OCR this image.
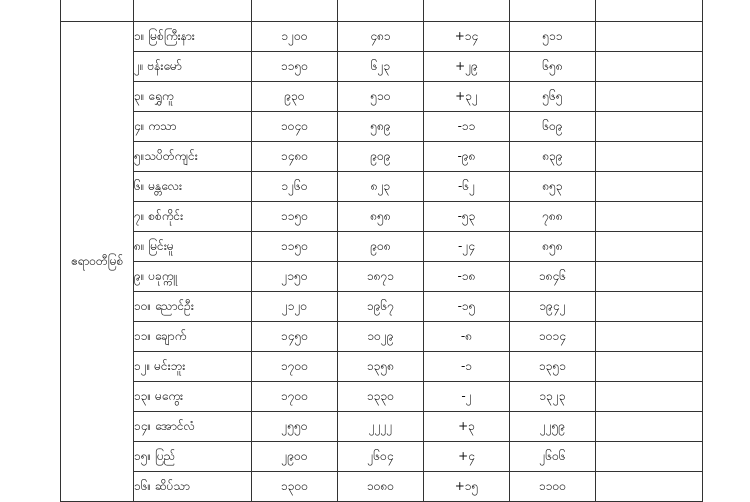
ဧရာဝတီမြစ်	၁။ မြစ်ကြီးနား	၁၂၀၀	၄၈၁	+၁၄	၅၁၁	
	၂။ ဗန်းမော်	၁၁၅၀	၆၂၃	+၂၉	၆၅၈	
	၃။ ရွှေကူ	၉၃၀	၅၁၀	+၃၂	၅၆၅	
	၄။ ကသာ	၁၀၄၀	၅၈၉	-၁၁	၆၀၉	
	၅။သပိတ်ကျင်း	၁၄၈၀	၉၀၉	-၉၈	၈၃၉	
	၆။ မန္တလေး	၁၂၆၀	၈၂၃	-၆၂	၈၅၃	
	၇။ စစ်ကိုင်း	၁၁၅၀	၈၅၈	-၅၃	၇၈၈	
	၈။ မြင်းမူ	၁၁၅၀	၉၀၈	-၂၄	၈၅၈	
	၉။ ပခုက္ကူ	၂၁၅၀	၁၈၇၁	-၁၈	၁၈၄၆	
	၁၀။ ညောင်ဦး	၂၁၂၀	၁၉၆၇	-၁၅	၁၉၄၂	
	၁၁။ ချောက်	၁၄၅၀	၁၀၂၉	-၈	၁၀၁၄	
	၁၂။ မင်းဘူး	၁၇၀၀	၁၃၅၈	-၁	၁၃၅၁	
	၁၃။ မကွေး	၁၇၀၀	၁၃၃၀	-၂	၁၃၂၃	
	၁၄။ အောင်လံ	၂၅၅၀	၂၂၂၂	+၃	၂၂၅၉	
	၁၅။ ပြည်	၂၉၀၀	၂၆၀၄	+၄	၂၆၀၆	
	၁၆။ ဆိပ်သာ	၁၃၀၀	၁၀၈၀	+၁၅	၁၁၀၀	
